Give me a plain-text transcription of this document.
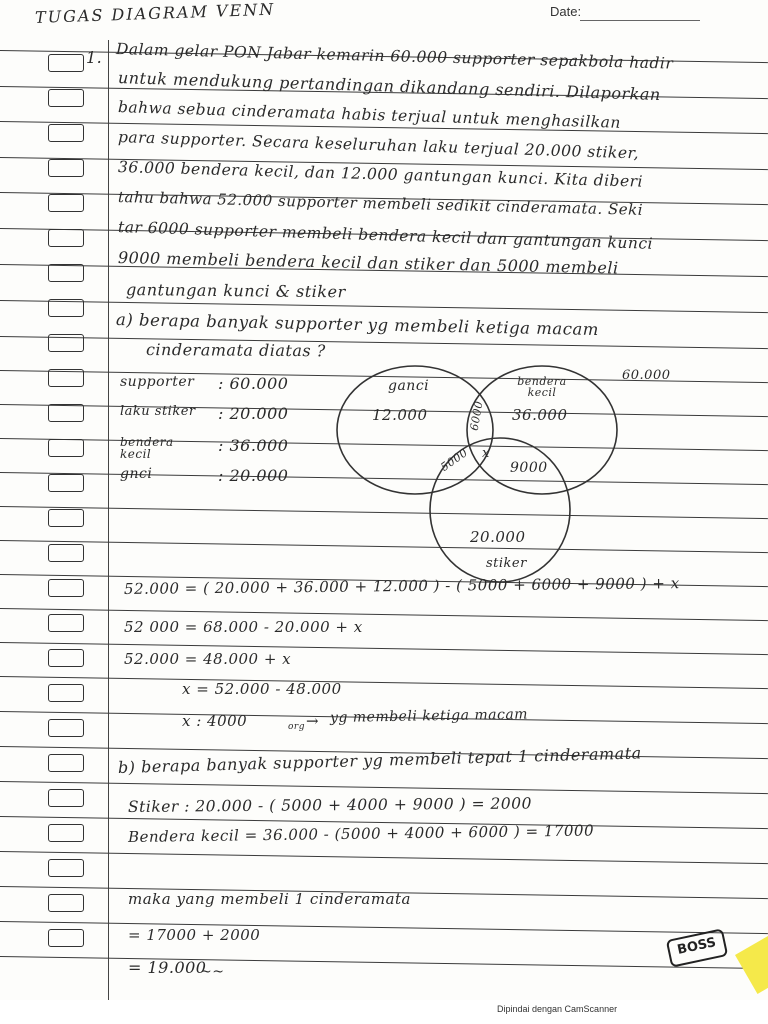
Date:
TUGAS DIAGRAM VENN
1. Dalam gelar PON Jabar kemarin 60.000 supporter sepakbola hadir
untuk mendukung pertandingan dikandang sendiri. Dilaporkan
bahwa sebua cinderamata habis terjual untuk menghasilkan
para supporter. Secara keseluruhan laku terjual 20.000 stiker,
36.000 bendera kecil, dan 12.000 gantungan kunci. Kita diberi
tahu bahwa 52.000 supporter membeli sedikit cinderamata. Seki
tar 6000 supporter membeli bendera kecil dan gantungan kunci
9000 membeli bendera kecil dan stiker dan 5000 membeli
gantungan kunci & stiker
a) berapa banyak supporter yg membeli ketiga macam
cinderamata diatas ?
supporter : 60.000
laku stiker : 20.000
bendera kecil	: 36.000
gnci	: 20.000
60.000
ganci
12.000
bendera kecil
36.000
6000
x
5000	9000
20.000
stiker
52.000 = ( 20.000 + 36.000 + 12.000 ) - ( 5000 + 6000 + 9000 ) + x
52 000 = 68.000 - 20.000 + x
52.000 = 48.000 + x
x = 52.000 - 48.000
x : 4000	org → yg membeli ketiga macam
b) berapa banyak supporter yg membeli tepat 1 cinderamata
Stiker : 20.000 - ( 5000 + 4000 + 9000 ) = 2000
Bendera kecil = 36.000 - (5000 + 4000 + 6000 ) = 17000
maka yang membeli 1 cinderamata
= 17000 + 2000
= 19.000
~~
BOSS
Dipindai dengan CamScanner
